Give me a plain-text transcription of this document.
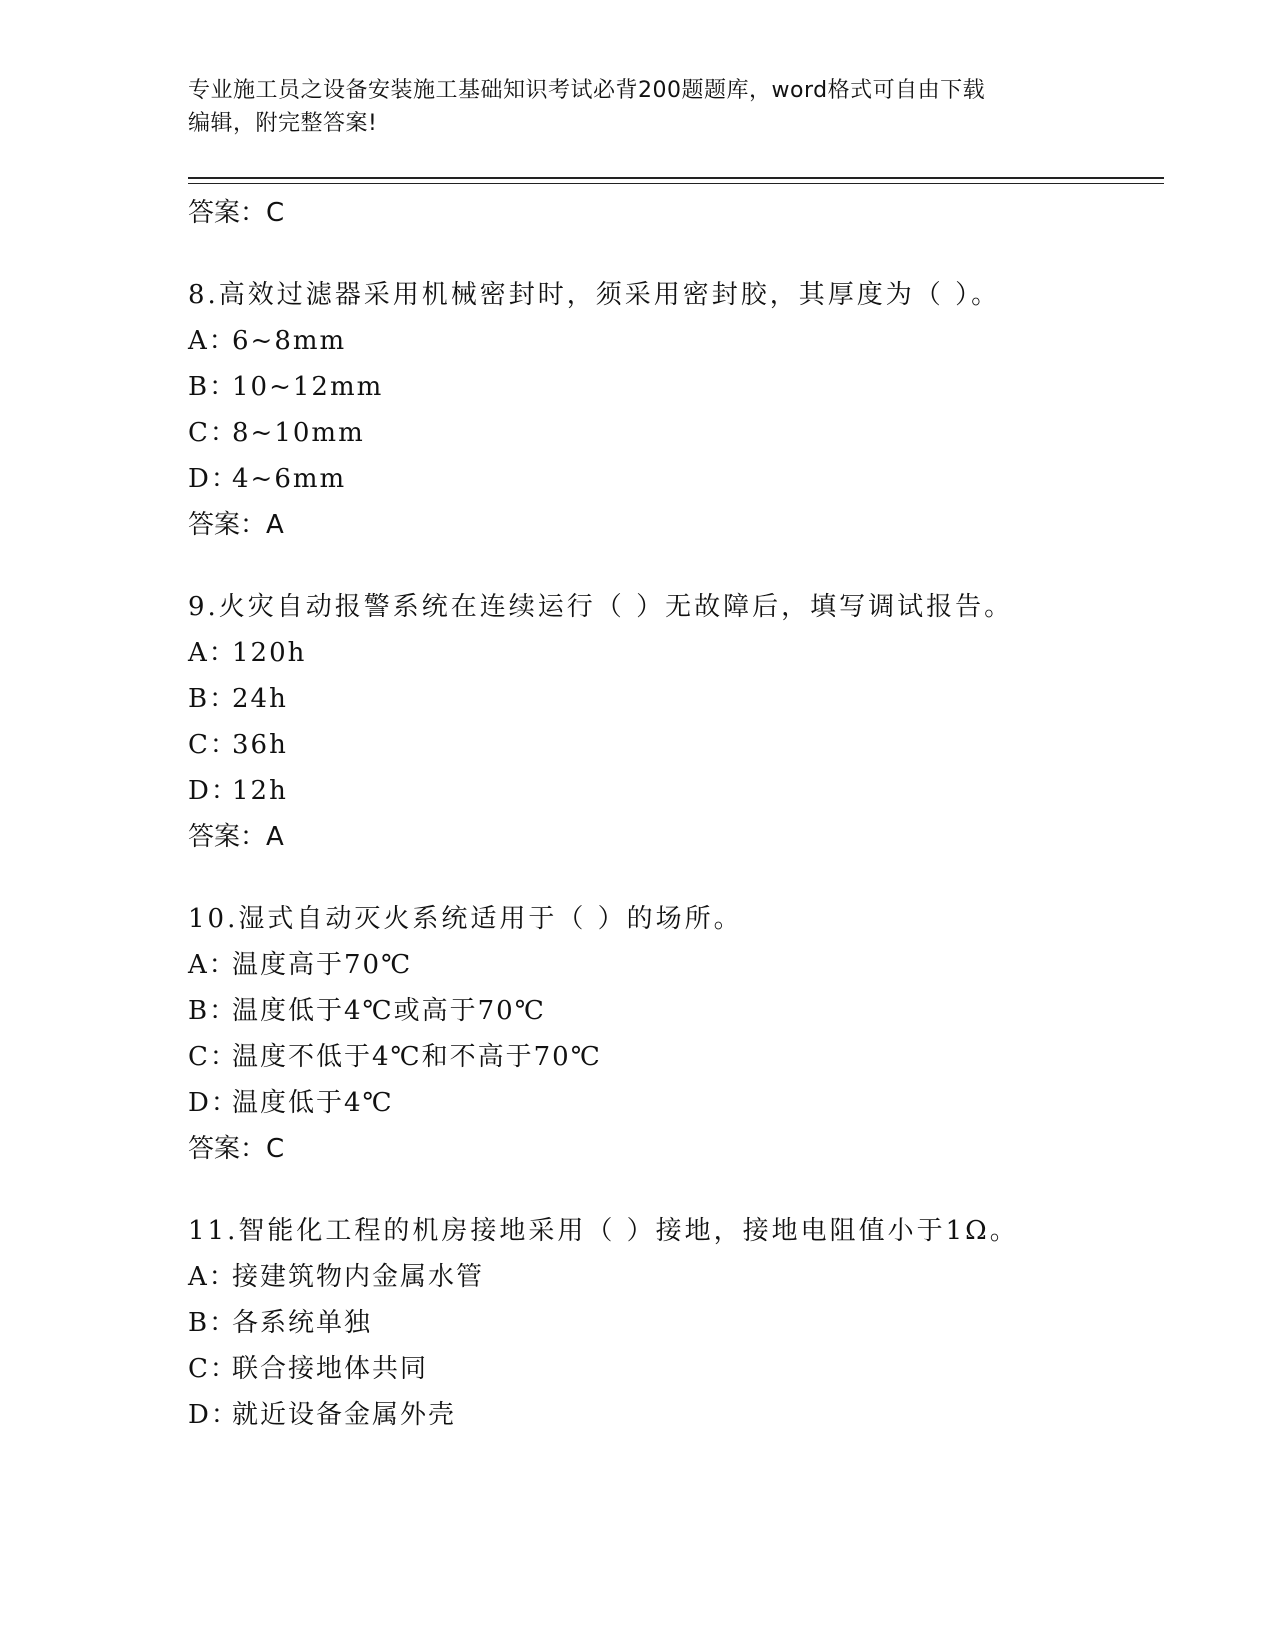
专业施工员之设备安装施工基础知识考试必背200题题库，word格式可自由下载
编辑，附完整答案!
答案：C
8.高效过滤器采用机械密封时，须采用密封胶，其厚度为（ ）。
A：6~8mm
B：10~12mm
C：8~10mm
D：4~6mm
答案：A
9.火灾自动报警系统在连续运行（ ）无故障后，填写调试报告。
A：120h
B：24h
C：36h
D：12h
答案：A
10.湿式自动灭火系统适用于（ ）的场所。
A：温度高于70℃
B：温度低于4℃或高于70℃
C：温度不低于4℃和不高于70℃
D：温度低于4℃
答案：C
11.智能化工程的机房接地采用（ ）接地，接地电阻值小于1Ω。
A：接建筑物内金属水管
B：各系统单独
C：联合接地体共同
D：就近设备金属外壳
